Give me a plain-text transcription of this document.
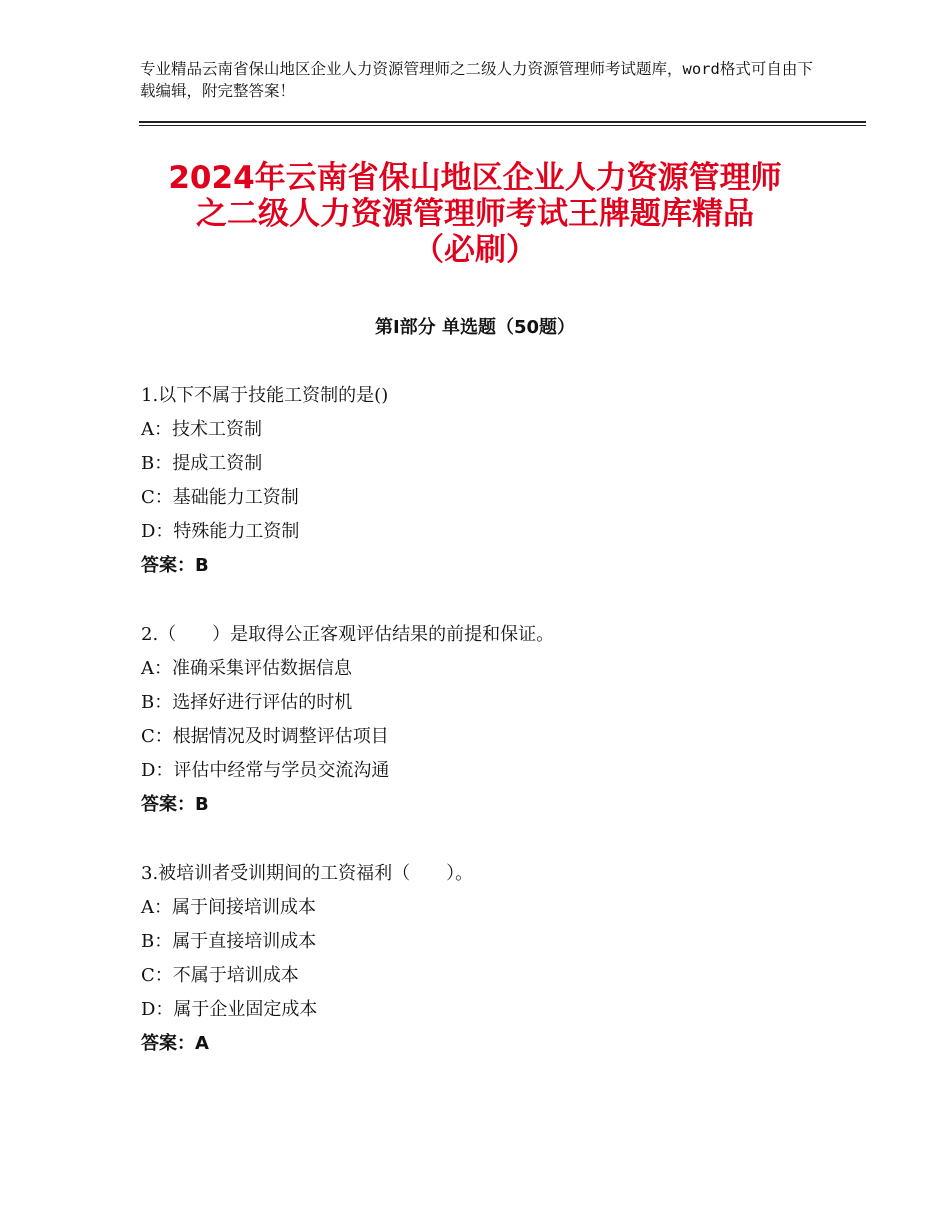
专业精品云南省保山地区企业人力资源管理师之二级人力资源管理师考试题库，word格式可自由下载编辑，附完整答案！
2024年云南省保山地区企业人力资源管理师
之二级人力资源管理师考试王牌题库精品
（必刷）
第Ⅰ部分 单选题（50题）
1.以下不属于技能工资制的是()
A：技术工资制
B：提成工资制
C：基础能力工资制
D：特殊能力工资制
答案：B
2.（　　）是取得公正客观评估结果的前提和保证。
A：准确采集评估数据信息
B：选择好进行评估的时机
C：根据情况及时调整评估项目
D：评估中经常与学员交流沟通
答案：B
3.被培训者受训期间的工资福利（　　）。
A：属于间接培训成本
B：属于直接培训成本
C：不属于培训成本
D：属于企业固定成本
答案：A
